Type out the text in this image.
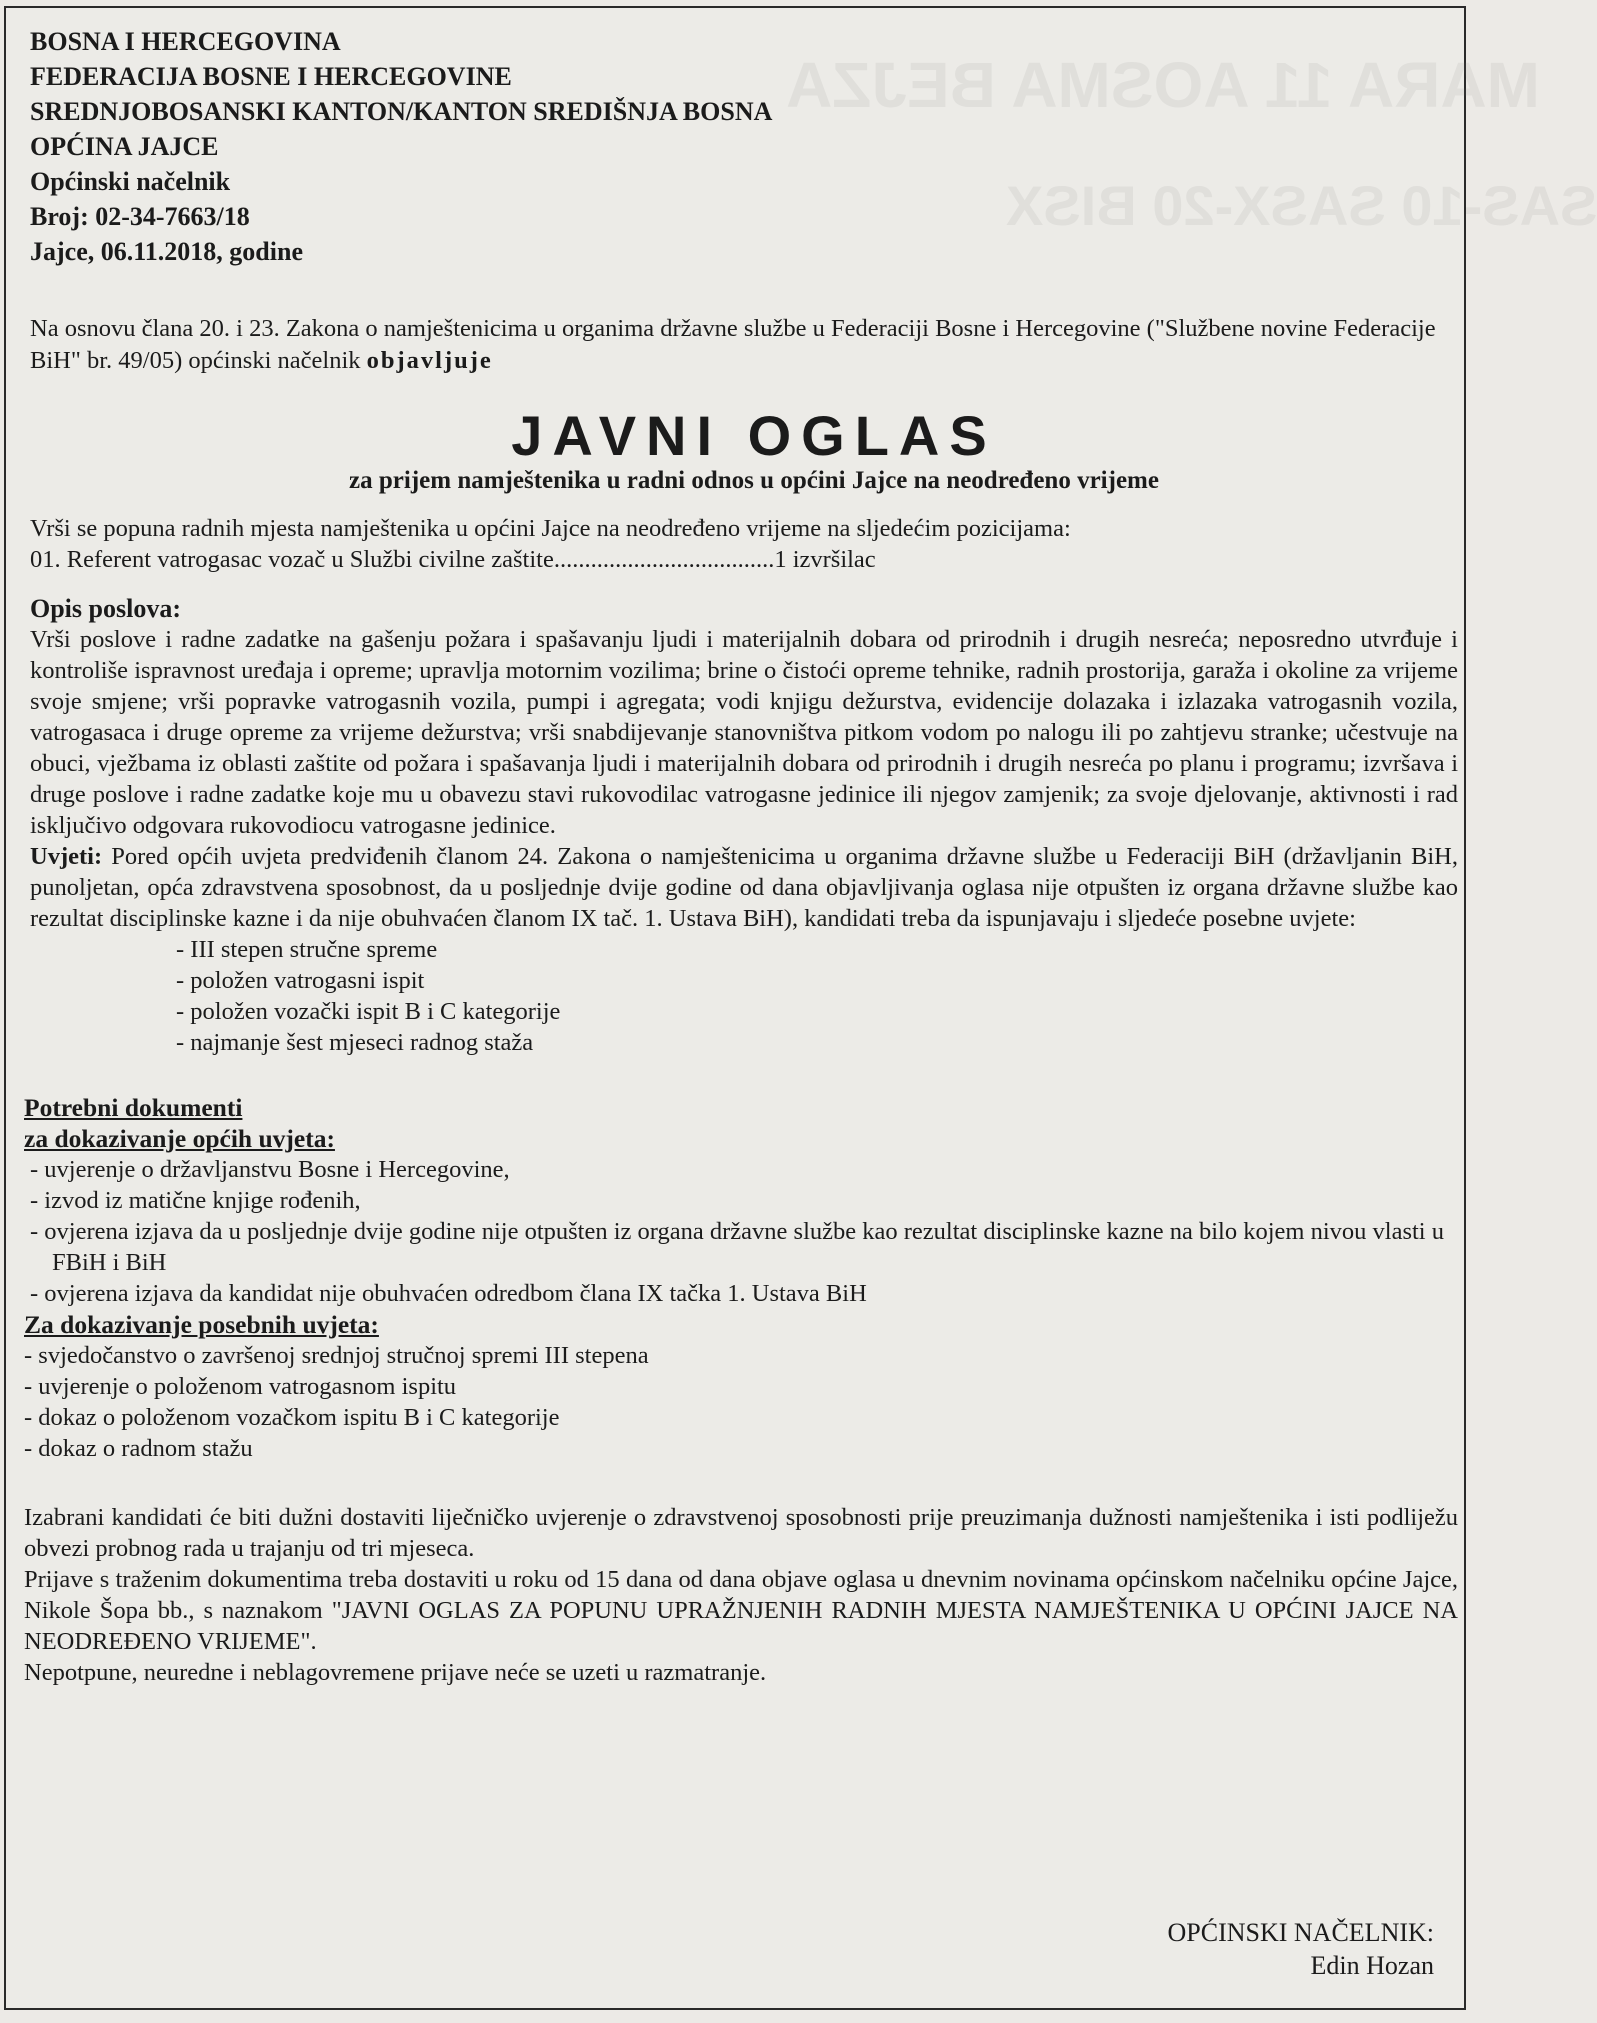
MARA 11 AOSMA BEJZA
SAS-10 SASX-20 BISX
BOSNA I HERCEGOVINA
FEDERACIJA BOSNE I HERCEGOVINE
SREDNJOBOSANSKI KANTON/KANTON SREDIŠNJA BOSNA
OPĆINA JAJCE
Općinski načelnik
Broj: 02-34-7663/18
Jajce, 06.11.2018, godine
Na osnovu člana 20. i 23. Zakona o namještenicima u organima državne službe u Federaciji Bosne i Hercegovine ("Službene novine Federacije BiH" br. 49/05) općinski načelnik objavljuje
JAVNI OGLAS
za prijem namještenika u radni odnos u općini Jajce na neodređeno vrijeme
Vrši se popuna radnih mjesta namještenika u općini Jajce na neodređeno vrijeme na sljedećim pozicijama:
01. Referent vatrogasac vozač u Službi civilne zaštite....................................1 izvršilac
Opis poslova:
Vrši poslove i radne zadatke na gašenju požara i spašavanju ljudi i materijalnih dobara od prirodnih i drugih nesreća; neposredno utvrđuje i kontroliše ispravnost uređaja i opreme; upravlja motornim vozilima; brine o čistoći opreme tehnike, radnih prostorija, garaža i okoline za vrijeme svoje smjene; vrši popravke vatrogasnih vozila, pumpi i agregata; vodi knjigu dežurstva, evidencije dolazaka i izlazaka vatrogasnih vozila, vatrogasaca i druge opreme za vrijeme dežurstva; vrši snabdijevanje stanovništva pitkom vodom po nalogu ili po zahtjevu stranke; učestvuje na obuci, vježbama iz oblasti zaštite od požara i spašavanja ljudi i materijalnih dobara od prirodnih i drugih nesreća po planu i programu; izvršava i druge poslove i radne zadatke koje mu u obavezu stavi rukovodilac vatrogasne jedinice ili njegov zamjenik; za svoje djelovanje, aktivnosti i rad isključivo odgovara rukovodiocu vatrogasne jedinice.
Uvjeti: Pored općih uvjeta predviđenih članom 24. Zakona o namještenicima u organima državne službe u Federaciji BiH (državljanin BiH, punoljetan, opća zdravstvena sposobnost, da u posljednje dvije godine od dana objavljivanja oglasa nije otpušten iz organa državne službe kao rezultat disciplinske kazne i da nije obuhvaćen članom IX tač. 1. Ustava BiH), kandidati treba da ispunjavaju i sljedeće posebne uvjete:
- III stepen stručne spreme
- položen vatrogasni ispit
- položen vozački ispit B i C kategorije
- najmanje šest mjeseci radnog staža
Potrebni dokumenti
za dokazivanje općih uvjeta:
- uvjerenje o državljanstvu Bosne i Hercegovine,
- izvod iz matične knjige rođenih,
- ovjerena izjava da u posljednje dvije godine nije otpušten iz organa državne službe kao rezultat disciplinske kazne na bilo kojem nivou vlasti u FBiH i BiH
- ovjerena izjava da kandidat nije obuhvaćen odredbom člana IX tačka 1. Ustava BiH
Za dokazivanje posebnih uvjeta:
- svjedočanstvo o završenoj srednjoj stručnoj spremi III stepena
- uvjerenje o položenom vatrogasnom ispitu
- dokaz o položenom vozačkom ispitu B i C kategorije
- dokaz o radnom stažu
Izabrani kandidati će biti dužni dostaviti liječničko uvjerenje o zdravstvenoj sposobnosti prije preuzimanja dužnosti namještenika i isti podliježu obvezi probnog rada u trajanju od tri mjeseca.
Prijave s traženim dokumentima treba dostaviti u roku od 15 dana od dana objave oglasa u dnevnim novinama općinskom načelniku općine Jajce, Nikole Šopa bb., s naznakom "JAVNI OGLAS ZA POPUNU UPRAŽNJENIH RADNIH MJESTA NAMJEŠTENIKA U OPĆINI JAJCE NA NEODREĐENO VRIJEME".
Nepotpune, neuredne i neblagovremene prijave neće se uzeti u razmatranje.
OPĆINSKI NAČELNIK:
Edin Hozan
